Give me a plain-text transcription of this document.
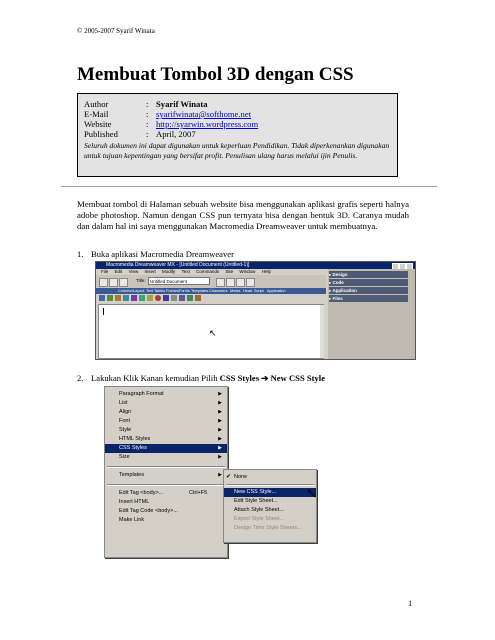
© 2005-2007 Syarif Winata
Membuat Tombol 3D dengan CSS
Author	: Syarif Winata
E-Mail	: syarifwinata@softhome.net
Website	: http://syarwin.wordpress.com
Published	: April, 2007
Seluruh dokumen ini dapat digunakan untuk keperluan Pendidikan. Tidak diperkenankan digunakan untuk tujuan kepentingan yang bersifat profit. Penulisan ulang harus melalui ijin Penulis.
Membuat tombol di Halaman sebuah website bisa menggunakan aplikasi grafis seperti halnya adobe photoshop. Namun dengan CSS pun ternyata bisa dengan bentuk 3D. Caranya mudah dan dalam hal ini saya menggunakan Macromedia Dreamweaver untuk membuatnya.
1. Buka aplikasi Macromedia Dreamweaver
Macromedia Dreamweaver MX - [Untitled Document (Untitled-1)]
File Edit View Insert Modify Text Commands Site Window Help
Title: Untitled Document
Common Layout Text Tables Frames Forms Templates Characters Media Head Script Application
↖
▸ Design
▸ Code
▸ Application
▸ Files
2. Lakukan Klik Kanan kemudian Pilih CSS Styles ➔ New CSS Style
Paragraph Format	▶
List	▶
Align	▶
Font	▶
Style	▶
HTML Styles	▶
CSS Styles	▶
Size	▶
Templates	▶
Edit Tag <body>...	Ctrl+F5
Insert HTML
Edit Tag Code <body>...
Make Link
✔ None
New CSS Style...
Edit Style Sheet...
Attach Style Sheet...
Export Style Sheet...
Design Time Style Sheets...
↖
1
